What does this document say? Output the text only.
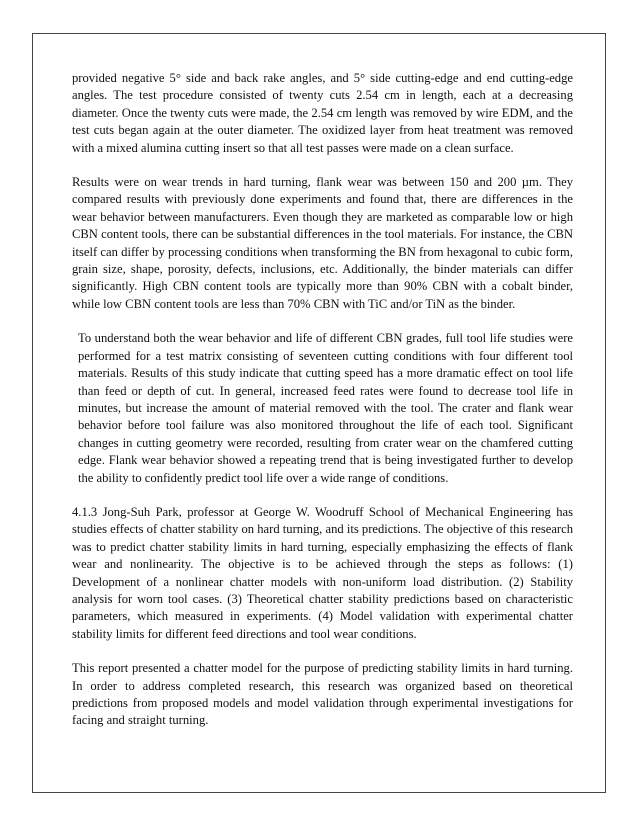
provided negative 5° side and back rake angles, and 5° side cutting-edge and end cutting-edge angles. The test procedure consisted of twenty cuts 2.54 cm in length, each at a decreasing diameter. Once the twenty cuts were made, the 2.54 cm length was removed by wire EDM, and the test cuts began again at the outer diameter. The oxidized layer from heat treatment was removed with a mixed alumina cutting insert so that all test passes were made on a clean surface.

Results were on wear trends in hard turning, flank wear was between 150 and 200 µm. They compared results with previously done experiments and found that, there are differences in the wear behavior between manufacturers. Even though they are marketed as comparable low or high CBN content tools, there can be substantial differences in the tool materials. For instance, the CBN itself can differ by processing conditions when transforming the BN from hexagonal to cubic form, grain size, shape, porosity, defects, inclusions, etc. Additionally, the binder materials can differ significantly. High CBN content tools are typically more than 90% CBN with a cobalt binder, while low CBN content tools are less than 70% CBN with TiC and/or TiN as the binder.

To understand both the wear behavior and life of different CBN grades, full tool life studies were performed for a test matrix consisting of seventeen cutting conditions with four different tool materials. Results of this study indicate that cutting speed has a more dramatic effect on tool life than feed or depth of cut. In general, increased feed rates were found to decrease tool life in minutes, but increase the amount of material removed with the tool. The crater and flank wear behavior before tool failure was also monitored throughout the life of each tool. Significant changes in cutting geometry were recorded, resulting from crater wear on the chamfered cutting edge. Flank wear behavior showed a repeating trend that is being investigated further to develop the ability to confidently predict tool life over a wide range of conditions.

4.1.3 Jong-Suh Park, professor at George W. Woodruff School of Mechanical Engineering has studies effects of chatter stability on hard turning, and its predictions. The objective of this research was to predict chatter stability limits in hard turning, especially emphasizing the effects of flank wear and nonlinearity. The objective is to be achieved through the steps as follows: (1) Development of a nonlinear chatter models with non-uniform load distribution. (2) Stability analysis for worn tool cases. (3) Theoretical chatter stability predictions based on characteristic parameters, which measured in experiments. (4) Model validation with experimental chatter stability limits for different feed directions and tool wear conditions.

This report presented a chatter model for the purpose of predicting stability limits in hard turning. In order to address completed research, this research was organized based on theoretical predictions from proposed models and model validation through experimental investigations for facing and straight turning.
